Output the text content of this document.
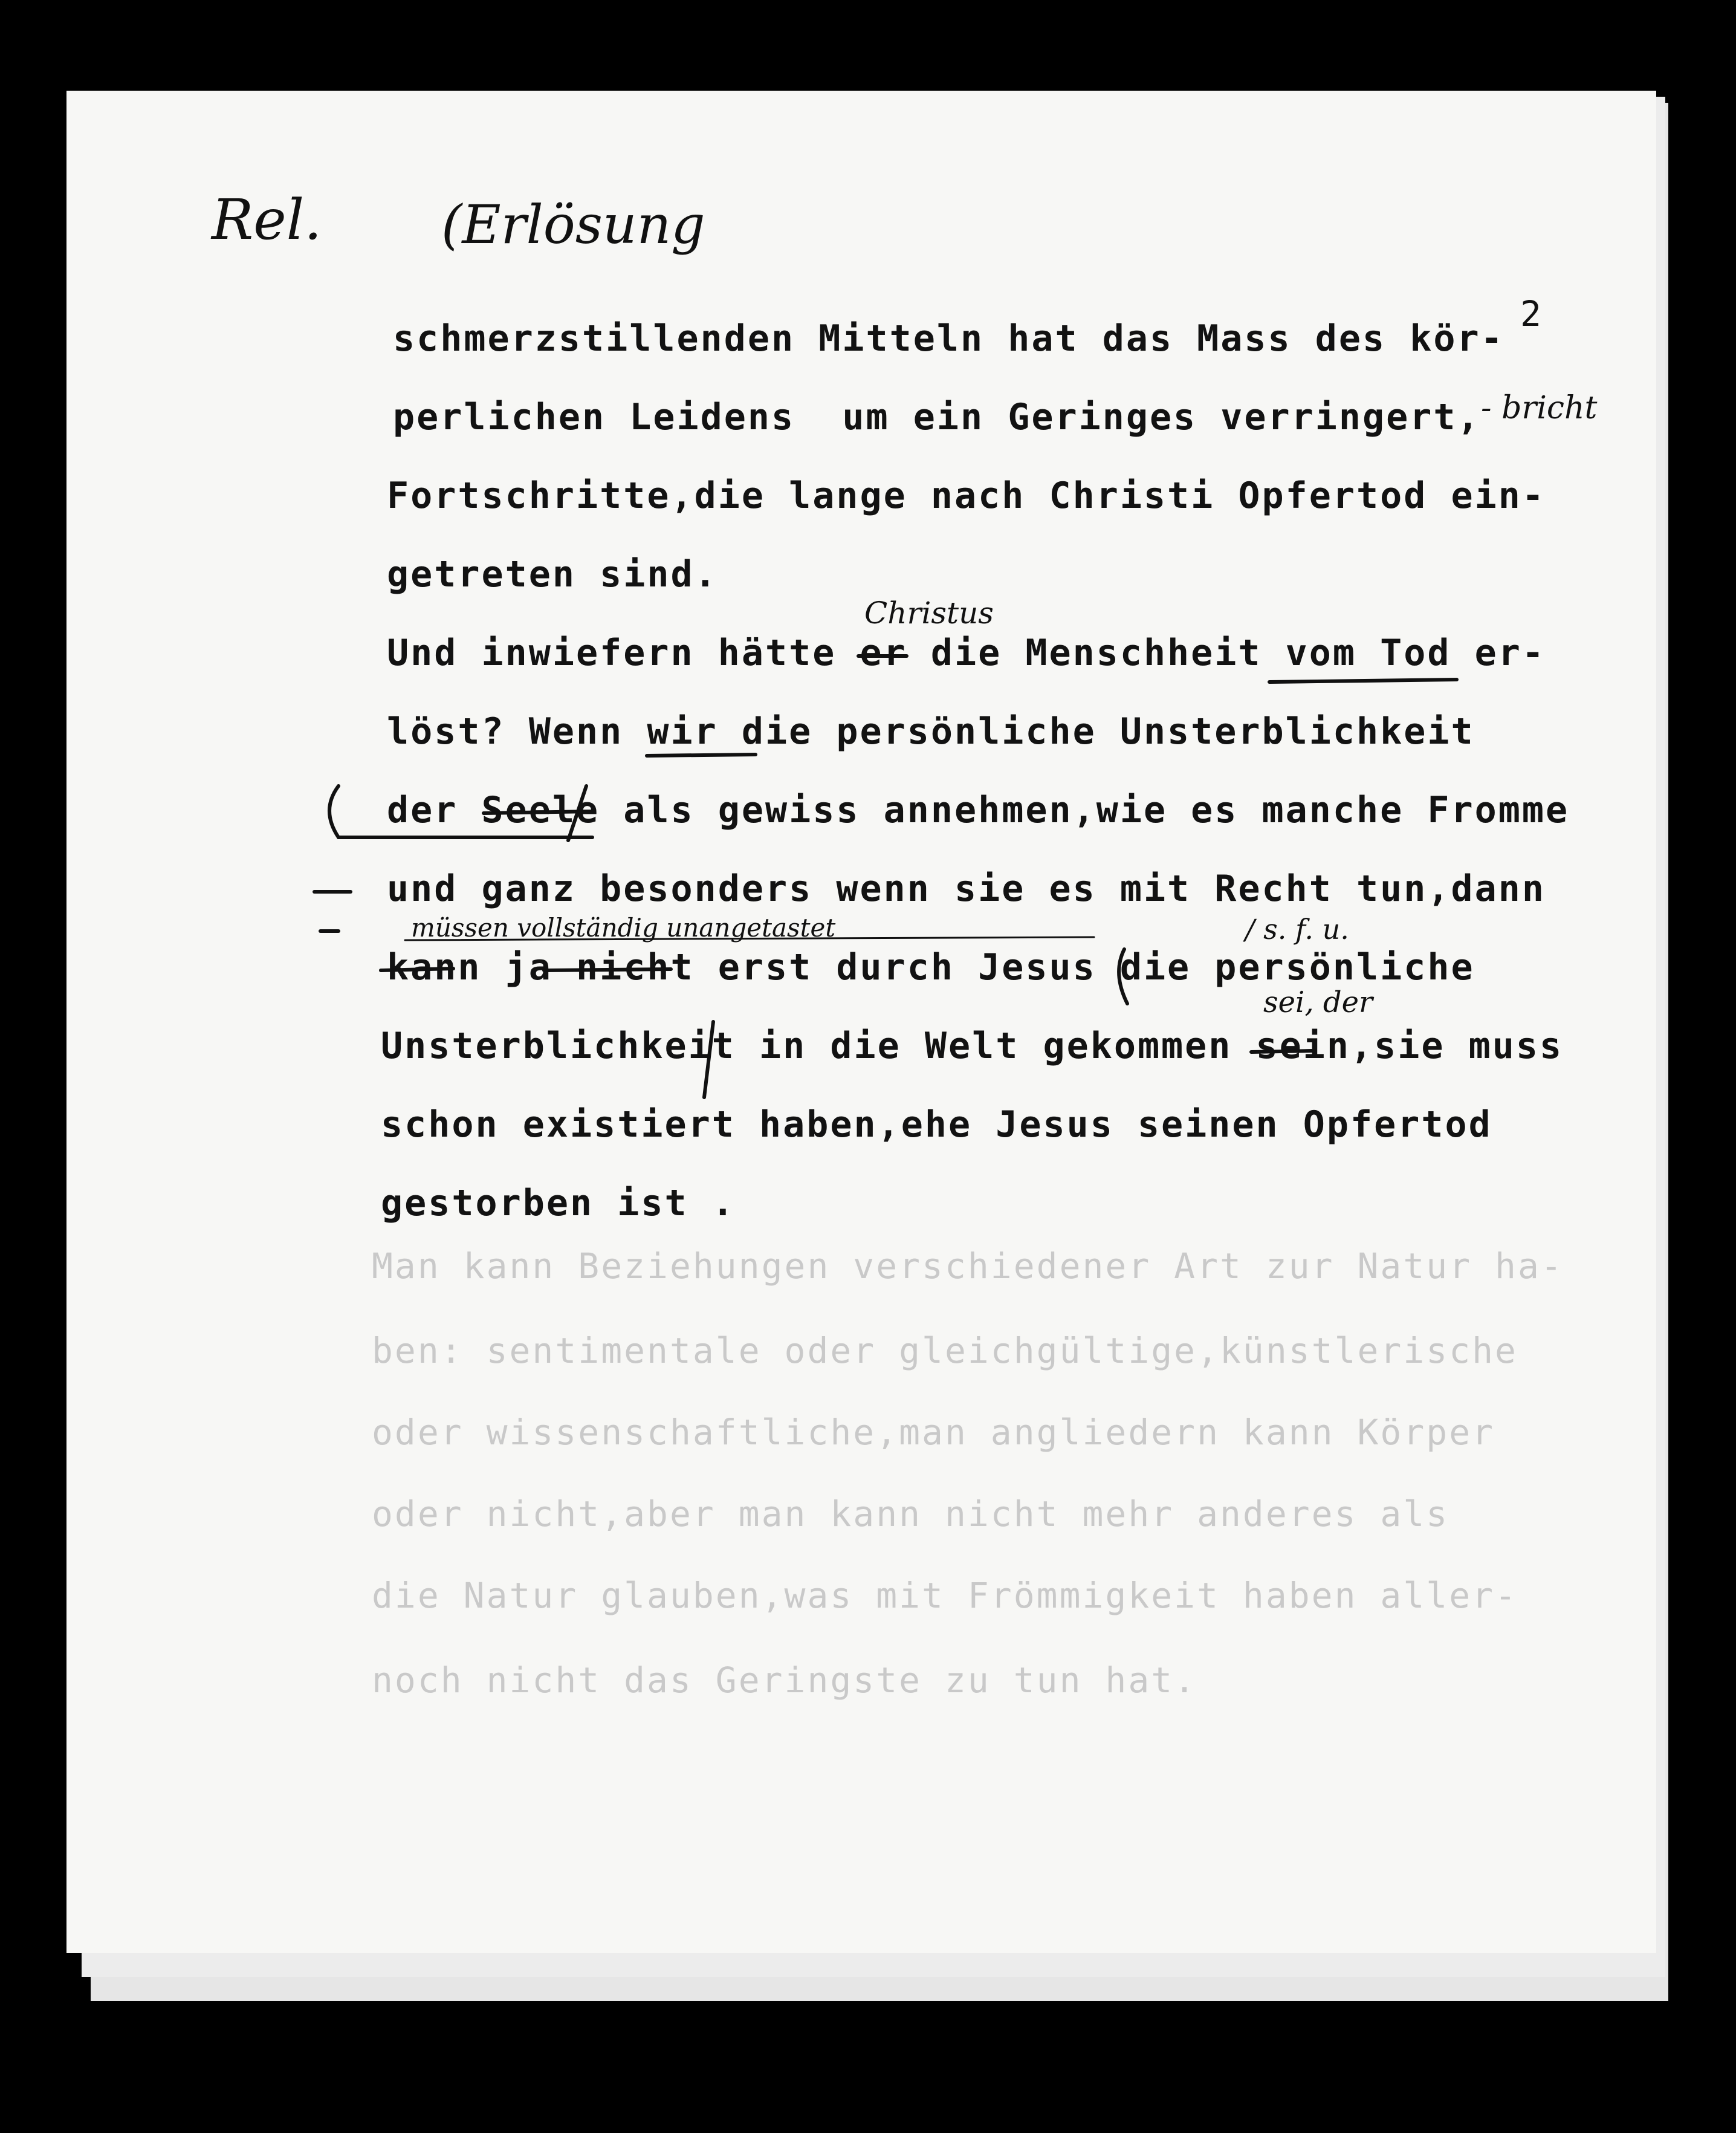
Man kann Beziehungen verschiedener Art zur Natur ha-
ben: sentimentale oder gleichgültige,künstlerische
oder wissenschaftliche,man angliedern kann Körper
oder nicht,aber man kann nicht mehr anderes als
die Natur glauben,was mit Frömmigkeit haben aller-
noch nicht das Geringste zu tun hat.
Rel. (Erlösung
2
schmerzstillenden Mitteln hat das Mass des kör-
perlichen Leidens  um ein Geringes verringert,
Fortschritte,die lange nach Christi Opfertod ein-
getreten sind.
Und inwiefern hätte er die Menschheit vom Tod er-
löst? Wenn wir die persönliche Unsterblichkeit
der Seele als gewiss annehmen,wie es manche Fromme
und ganz besonders wenn sie es mit Recht tun,dann
kann ja nicht erst durch Jesus die persönliche
Unsterblichkeit in die Welt gekommen sein,sie muss
schon existiert haben,ehe Jesus seinen Opfertod
gestorben ist .
- bricht
Christus
müssen vollständig unangetastet	/ s. f. u.
sei, der
